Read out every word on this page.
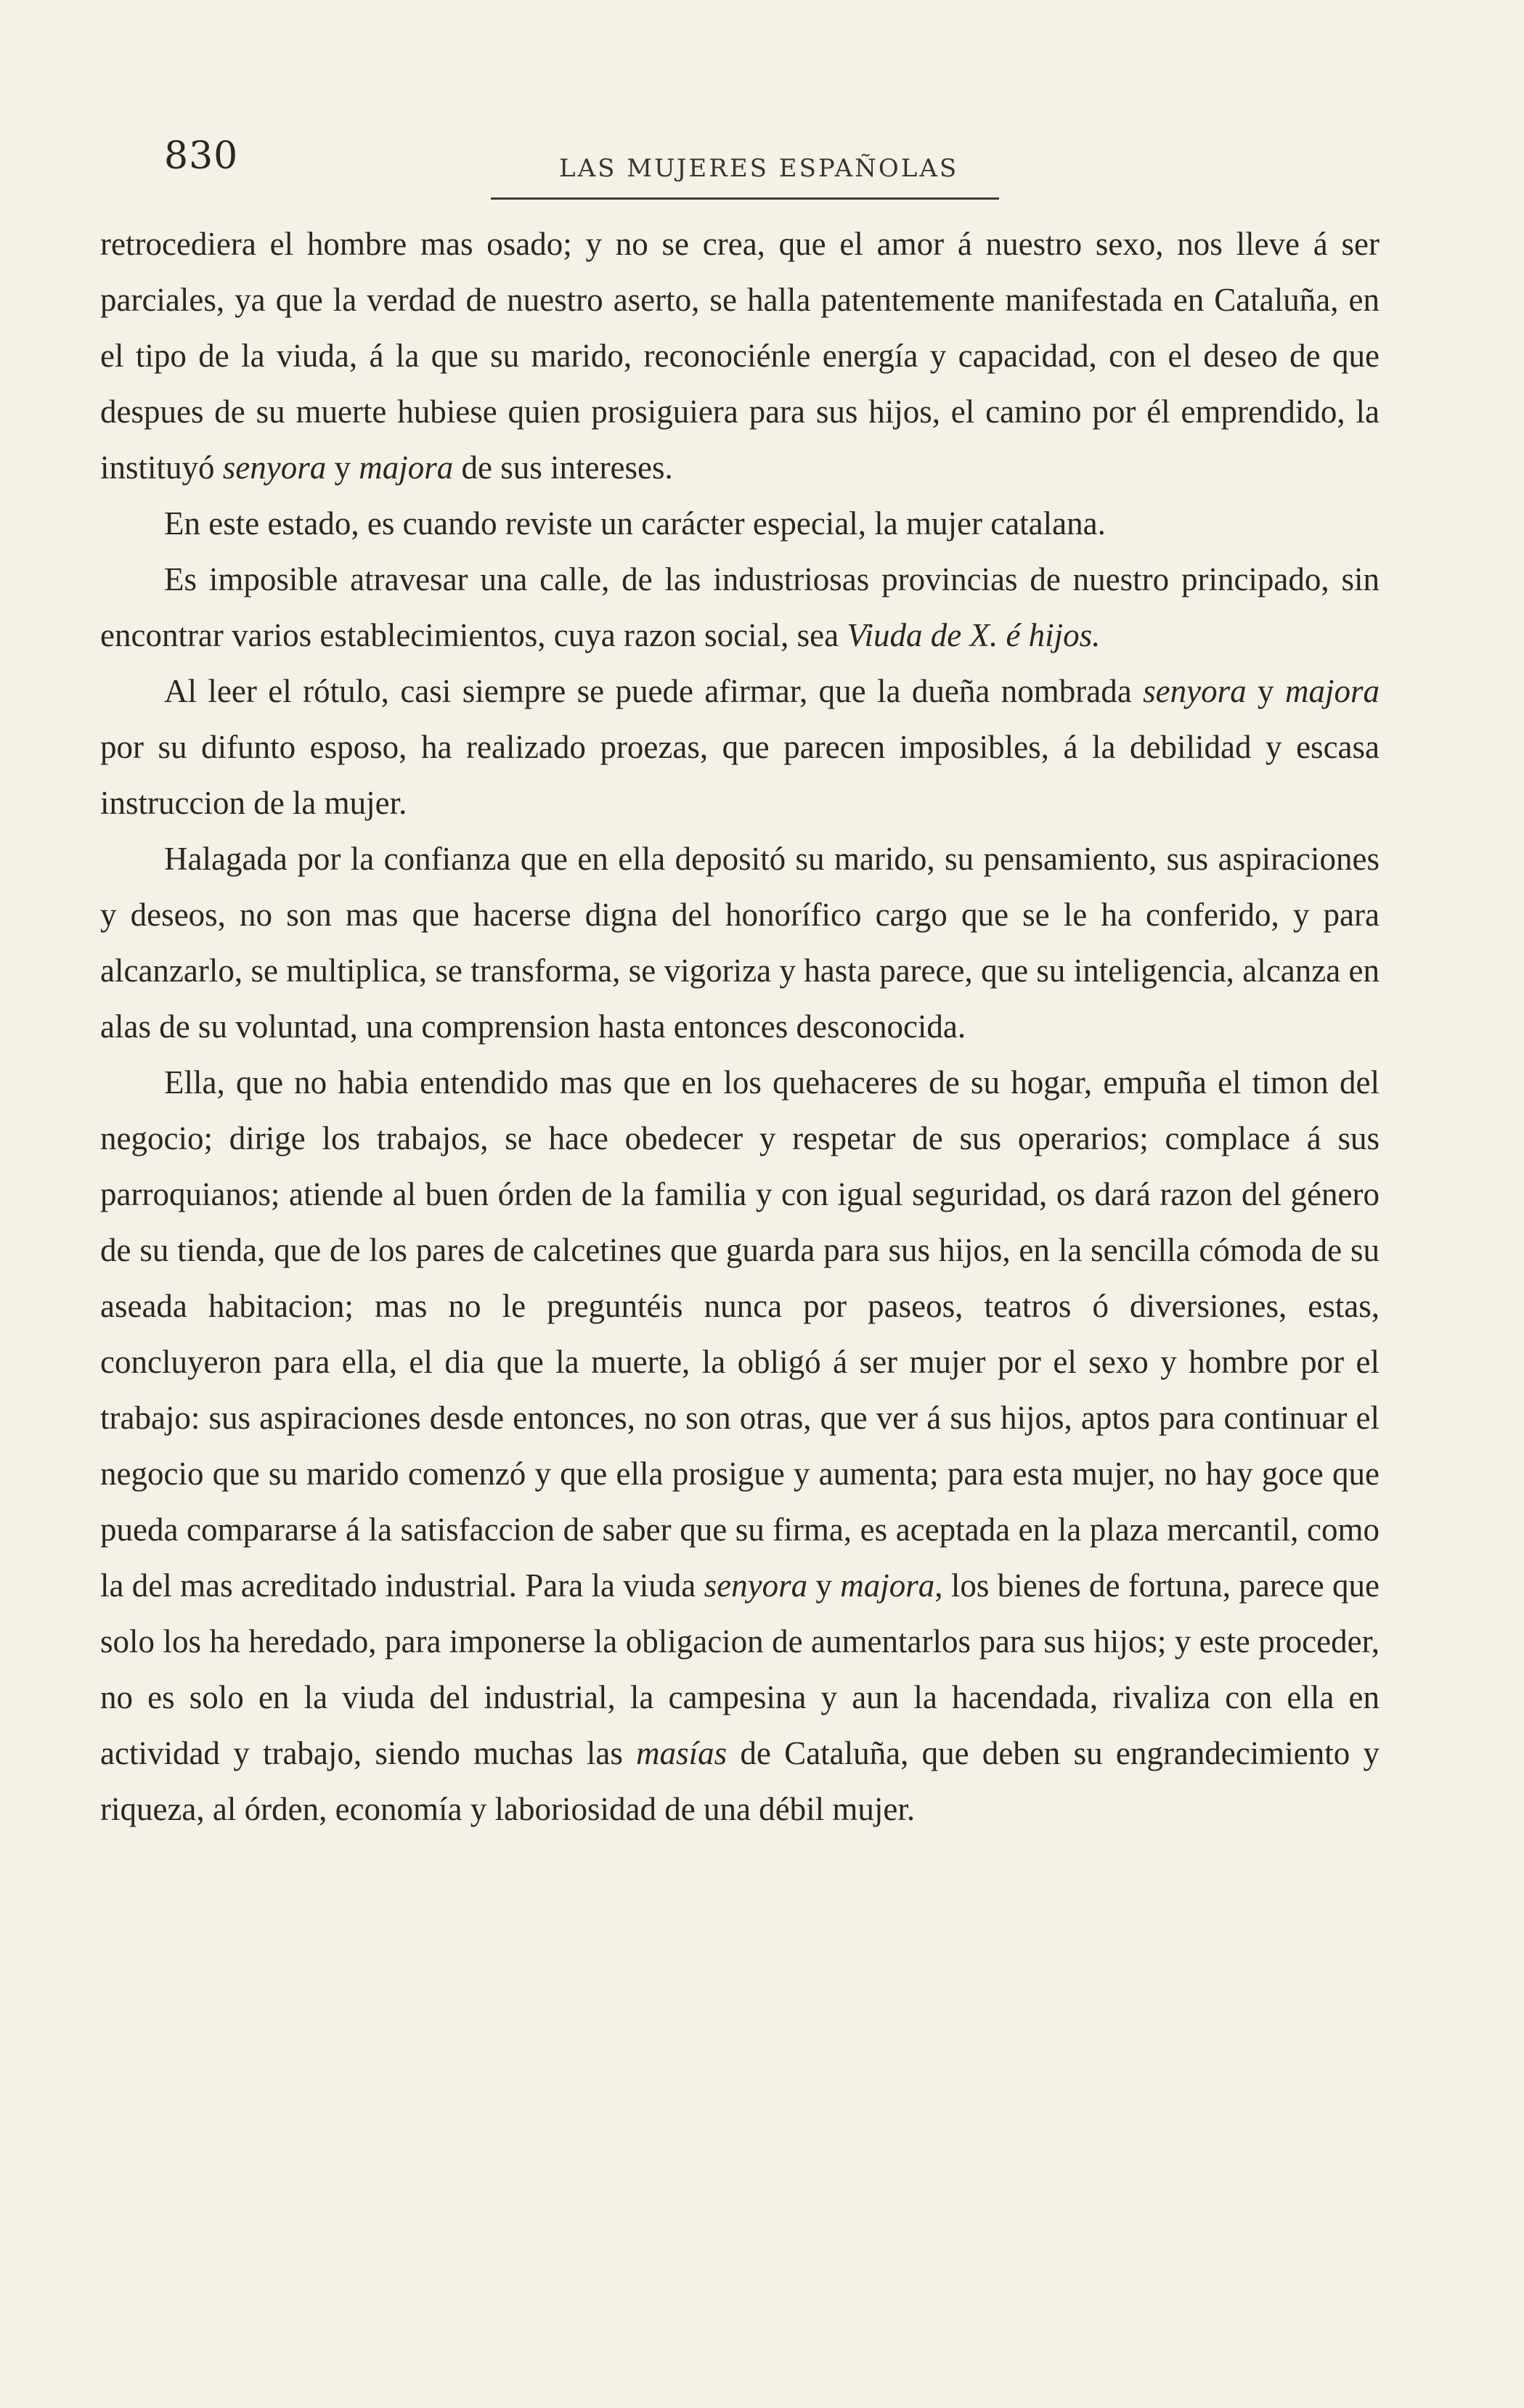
830	LAS MUJERES ESPAÑOLAS

retrocediera el hombre mas osado; y no se crea, que el amor á nuestro sexo, nos lleve á ser parciales, ya que la verdad de nuestro aserto, se halla patentemente manifestada en Cataluña, en el tipo de la viuda, á la que su marido, reconociénle energía y capacidad, con el deseo de que despues de su muerte hubiese quien prosiguiera para sus hijos, el camino por él emprendido, la instituyó senyora y majora de sus intereses.

En este estado, es cuando reviste un carácter especial, la mujer catalana.

Es imposible atravesar una calle, de las industriosas provincias de nuestro principado, sin encontrar varios establecimientos, cuya razon social, sea Viuda de X. é hijos.

Al leer el rótulo, casi siempre se puede afirmar, que la dueña nombrada senyora y majora por su difunto esposo, ha realizado proezas, que parecen imposibles, á la debilidad y escasa instruccion de la mujer.

Halagada por la confianza que en ella depositó su marido, su pensamiento, sus aspiraciones y deseos, no son mas que hacerse digna del honorífico cargo que se le ha conferido, y para alcanzarlo, se multiplica, se transforma, se vigoriza y hasta parece, que su inteligencia, alcanza en alas de su voluntad, una comprension hasta entonces desconocida.

Ella, que no habia entendido mas que en los quehaceres de su hogar, empuña el timon del negocio; dirige los trabajos, se hace obedecer y respetar de sus operarios; complace á sus parroquianos; atiende al buen órden de la familia y con igual seguridad, os dará razon del género de su tienda, que de los pares de calcetines que guarda para sus hijos, en la sencilla cómoda de su aseada habitacion; mas no le preguntéis nunca por paseos, teatros ó diversiones, estas, concluyeron para ella, el dia que la muerte, la obligó á ser mujer por el sexo y hombre por el trabajo: sus aspiraciones desde entonces, no son otras, que ver á sus hijos, aptos para continuar el negocio que su marido comenzó y que ella prosigue y aumenta; para esta mujer, no hay goce que pueda compararse á la satisfaccion de saber que su firma, es aceptada en la plaza mercantil, como la del mas acreditado industrial. Para la viuda senyora y majora, los bienes de fortuna, parece que solo los ha heredado, para imponerse la obligacion de aumentarlos para sus hijos; y este proceder, no es solo en la viuda del industrial, la campesina y aun la hacendada, rivaliza con ella en actividad y trabajo, siendo muchas las masías de Cataluña, que deben su engrandecimiento y riqueza, al órden, economía y laboriosidad de una débil mujer.
